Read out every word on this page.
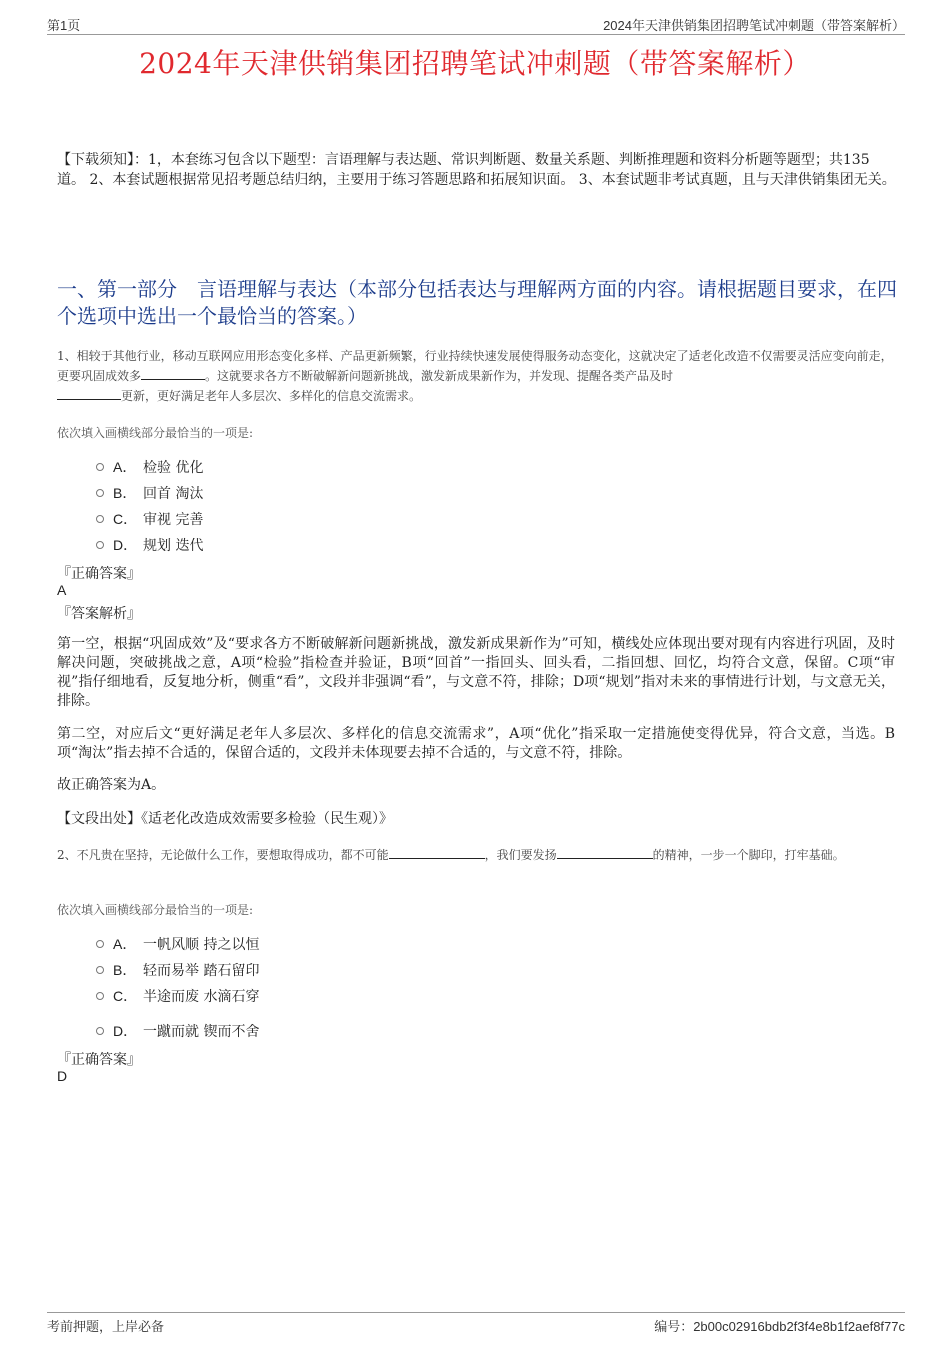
第1页	2024年天津供销集团招聘笔试冲刺题（带答案解析）
2024年天津供销集团招聘笔试冲刺题（带答案解析）
【下载须知】：1，本套练习包含以下题型：言语理解与表达题、常识判断题、数量关系题、判断推理题和资料分析题等题型；共135道。 2、本套试题根据常见招考题总结归纳，主要用于练习答题思路和拓展知识面。 3、本套试题非考试真题，且与天津供销集团无关。
一、第一部分　言语理解与表达（本部分包括表达与理解两方面的内容。请根据题目要求，在四个选项中选出一个最恰当的答案。）
1、相较于其他行业，移动互联网应用形态变化多样、产品更新频繁，行业持续快速发展使得服务动态变化，这就决定了适老化改造不仅需要灵活应变向前走，更要巩固成效多	。这就要求各方不断破解新问题新挑战，激发新成果新作为，并发现、提醒各类产品及时
更新，更好满足老年人多层次、多样化的信息交流需求。
依次填入画横线部分最恰当的一项是:
A． 检验 优化
B． 回首 淘汰
C． 审视 完善
D． 规划 迭代
『正确答案』
A
『答案解析』
第一空，根据“巩固成效”及“要求各方不断破解新问题新挑战，激发新成果新作为”可知，横线处应体现出要对现有内容进行巩固，及时解决问题，突破挑战之意，A项“检验”指检查并验证，B项“回首”一指回头、回头看，二指回想、回忆，均符合文意，保留。C项“审视”指仔细地看，反复地分析，侧重“看”，文段并非强调“看”，与文意不符，排除；D项“规划”指对未来的事情进行计划，与文意无关，排除。
第二空，对应后文“更好满足老年人多层次、多样化的信息交流需求”，A项“优化”指采取一定措施使变得优异，符合文意，当选。B项“淘汰”指去掉不合适的，保留合适的，文段并未体现要去掉不合适的，与文意不符，排除。
故正确答案为A。
【文段出处】《适老化改造成效需要多检验（民生观）》
2、不凡贵在坚持，无论做什么工作，要想取得成功，都不可能	，我们要发扬	的精神，一步一个脚印，打牢基础。
依次填入画横线部分最恰当的一项是:
A． 一帆风顺 持之以恒
B． 轻而易举 踏石留印
C． 半途而废 水滴石穿
D． 一蹴而就 锲而不舍
『正确答案』
D
考前押题，上岸必备	编号：2b00c02916bdb2f3f4e8b1f2aef8f77c
